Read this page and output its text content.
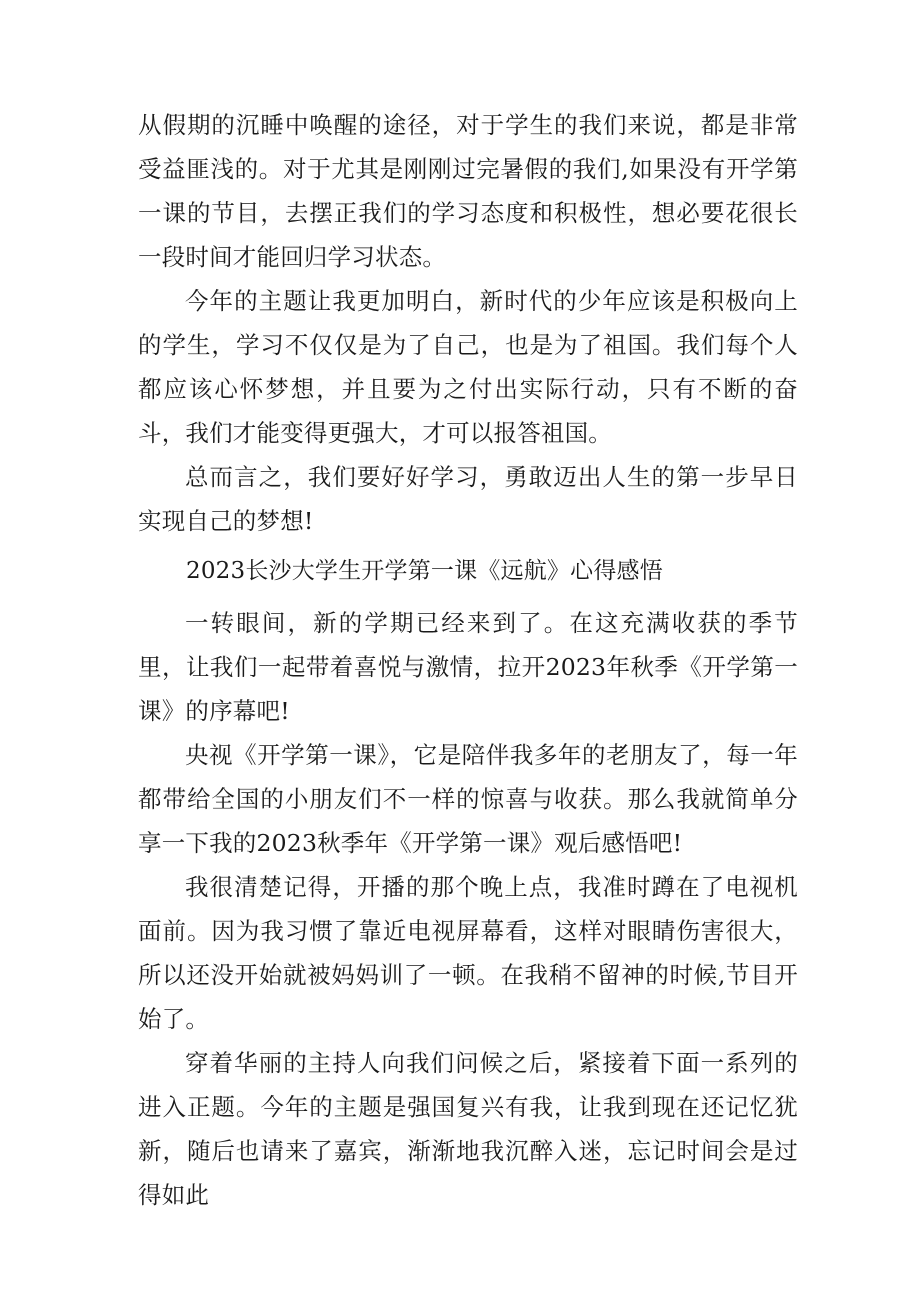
从假期的沉睡中唤醒的途径，对于学生的我们来说，都是非常受益匪浅的。对于尤其是刚刚过完暑假的我们,如果没有开学第一课的节目，去摆正我们的学习态度和积极性，想必要花很长一段时间才能回归学习状态。

今年的主题让我更加明白，新时代的少年应该是积极向上的学生，学习不仅仅是为了自己，也是为了祖国。我们每个人都应该心怀梦想，并且要为之付出实际行动，只有不断的奋斗，我们才能变得更强大，才可以报答祖国。

总而言之，我们要好好学习，勇敢迈出人生的第一步早日实现自己的梦想!

2023长沙大学生开学第一课《远航》心得感悟

一转眼间，新的学期已经来到了。在这充满收获的季节里，让我们一起带着喜悦与激情，拉开2023年秋季《开学第一课》的序幕吧!

央视《开学第一课》，它是陪伴我多年的老朋友了，每一年都带给全国的小朋友们不一样的惊喜与收获。那么我就简单分享一下我的2023秋季年《开学第一课》观后感悟吧!

我很清楚记得，开播的那个晚上点，我准时蹲在了电视机面前。因为我习惯了靠近电视屏幕看，这样对眼睛伤害很大，所以还没开始就被妈妈训了一顿。在我稍不留神的时候,节目开始了。

穿着华丽的主持人向我们问候之后，紧接着下面一系列的进入正题。今年的主题是强国复兴有我，让我到现在还记忆犹新，随后也请来了嘉宾，渐渐地我沉醉入迷，忘记时间会是过得如此
